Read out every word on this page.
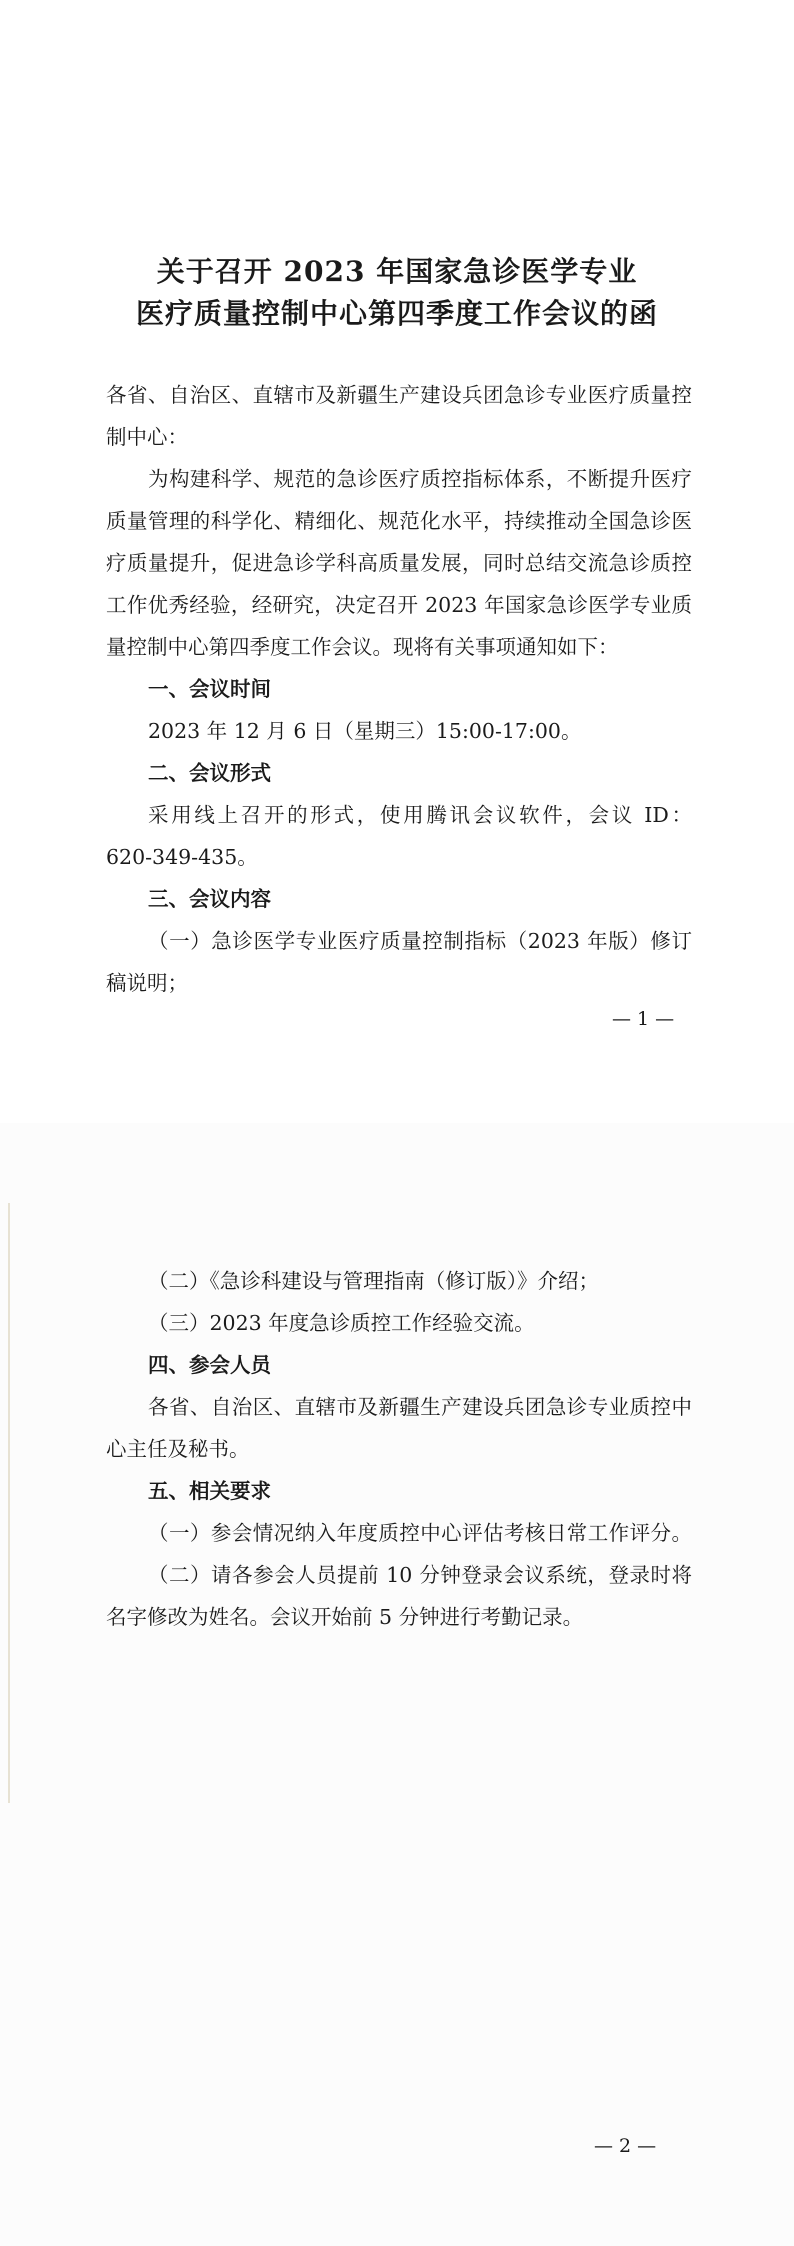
关于召开 2023 年国家急诊医学专业
医疗质量控制中心第四季度工作会议的函
各省、自治区、直辖市及新疆生产建设兵团急诊专业医疗质量控
制中心：
为构建科学、规范的急诊医疗质控指标体系，不断提升医疗
质量管理的科学化、精细化、规范化水平，持续推动全国急诊医
疗质量提升，促进急诊学科高质量发展，同时总结交流急诊质控
工作优秀经验，经研究，决定召开 2023 年国家急诊医学专业质
量控制中心第四季度工作会议。现将有关事项通知如下：
一、会议时间
2023 年 12 月 6 日（星期三）15:00-17:00。
二、会议形式
采用线上召开的形式，使用腾讯会议软件，会议 ID：
620-349-435。
三、会议内容
（一）急诊医学专业医疗质量控制指标（2023 年版）修订
稿说明；
— 1 —
（二）《急诊科建设与管理指南（修订版）》介绍；
（三）2023 年度急诊质控工作经验交流。
四、参会人员
各省、自治区、直辖市及新疆生产建设兵团急诊专业质控中
心主任及秘书。
五、相关要求
（一）参会情况纳入年度质控中心评估考核日常工作评分。
（二）请各参会人员提前 10 分钟登录会议系统，登录时将
名字修改为姓名。会议开始前 5 分钟进行考勤记录。
— 2 —
